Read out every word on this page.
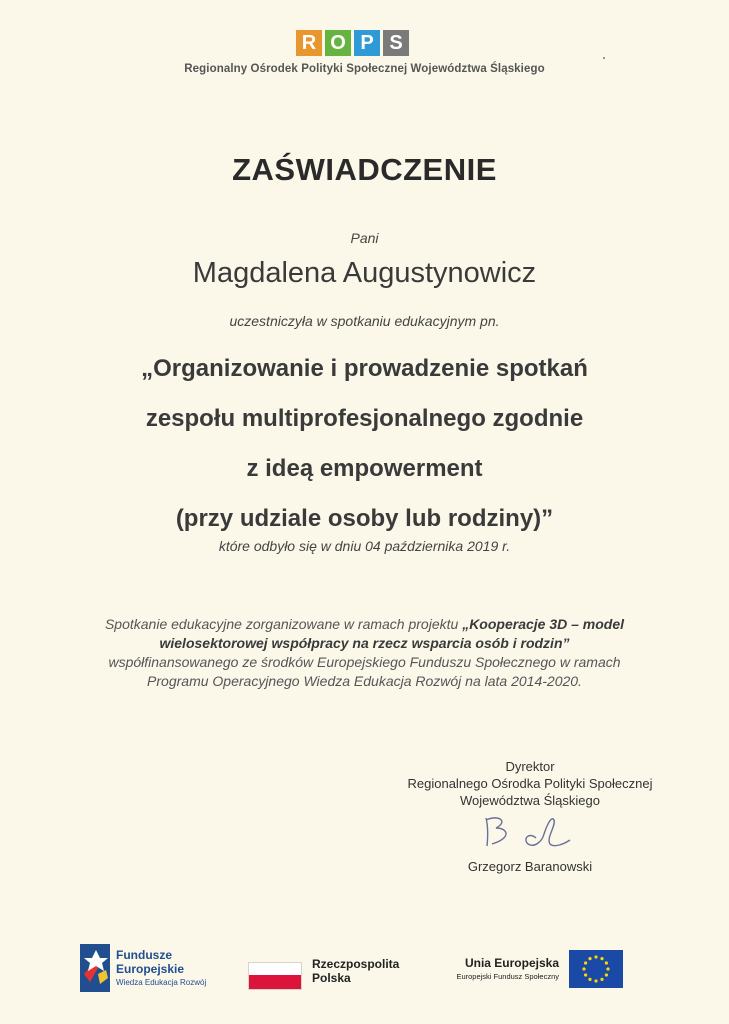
R O P S
Regionalny Ośrodek Polityki Społecznej Województwa Śląskiego
ZAŚWIADCZENIE
Pani
Magdalena Augustynowicz
uczestniczyła w spotkaniu edukacyjnym pn.
„Organizowanie i prowadzenie spotkań
zespołu multiprofesjonalnego zgodnie
z ideą empowerment
(przy udziale osoby lub rodziny)”
które odbyło się w dniu 04 października 2019 r.
Spotkanie edukacyjne zorganizowane w ramach projektu „Kooperacje 3D – model
wielosektorowej współpracy na rzecz wsparcia osób i rodzin”
współfinansowanego ze środków Europejskiego Funduszu Społecznego w ramach
Programu Operacyjnego Wiedza Edukacja Rozwój na lata 2014-2020.
Dyrektor
Regionalnego Ośrodka Polityki Społecznej
Województwa Śląskiego
Grzegorz Baranowski
Fundusze
Europejskie
Wiedza Edukacja Rozwój
Rzeczpospolita
Polska
Unia Europejska
Europejski Fundusz Społeczny
